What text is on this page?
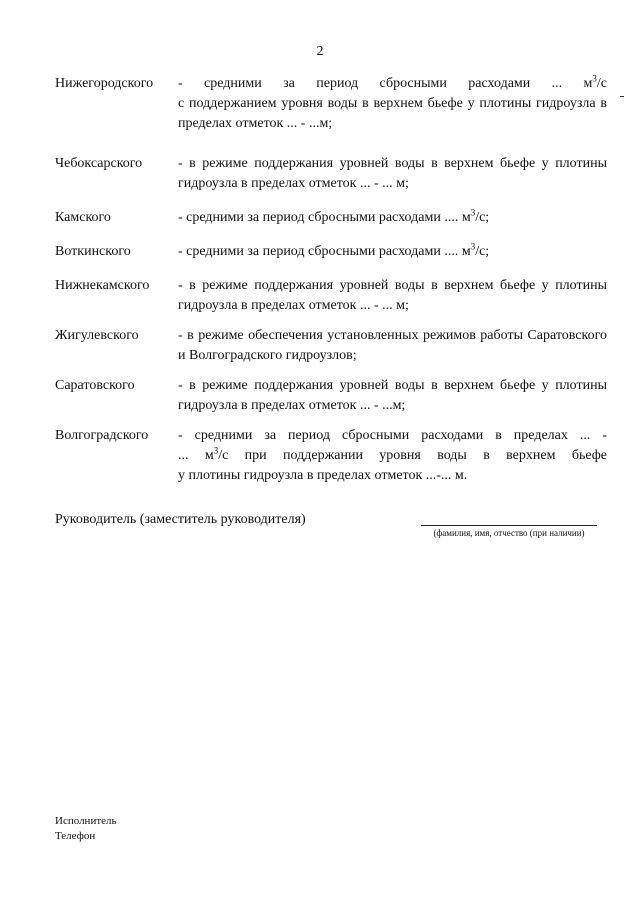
2
Нижегородского	- средними за период сбросными расходами ... $м^3/с$
с поддержанием уровня воды в верхнем бьефе у плотины гидроузла в пределах отметок ... - ...м;
Чебоксарского	- в режиме поддержания уровней воды в верхнем бьефе у плотины гидроузла в пределах отметок ... - ... м;
Камского	- средними за период сбросными расходами .... $м^3/с$;
Воткинского	- средними за период сбросными расходами .... $м^3/с$;
Нижнекамского	- в режиме поддержания уровней воды в верхнем бьефе у плотины гидроузла в пределах отметок ... - ... м;
Жигулевского	- в режиме обеспечения установленных режимов работы Саратовского и Волгоградского гидроузлов;
Саратовского	- в режиме поддержания уровней воды в верхнем бьефе у плотины гидроузла в пределах отметок ... - ...м;
Волгоградского	- средними за период сбросными расходами в пределах ... -
... $м^3/с$ при поддержании уровня воды в верхнем бьефе
у плотины гидроузла в пределах отметок ...-... м.
Руководитель (заместитель руководителя)
(фамилия, имя, отчество (при наличии)
Исполнитель
Телефон
